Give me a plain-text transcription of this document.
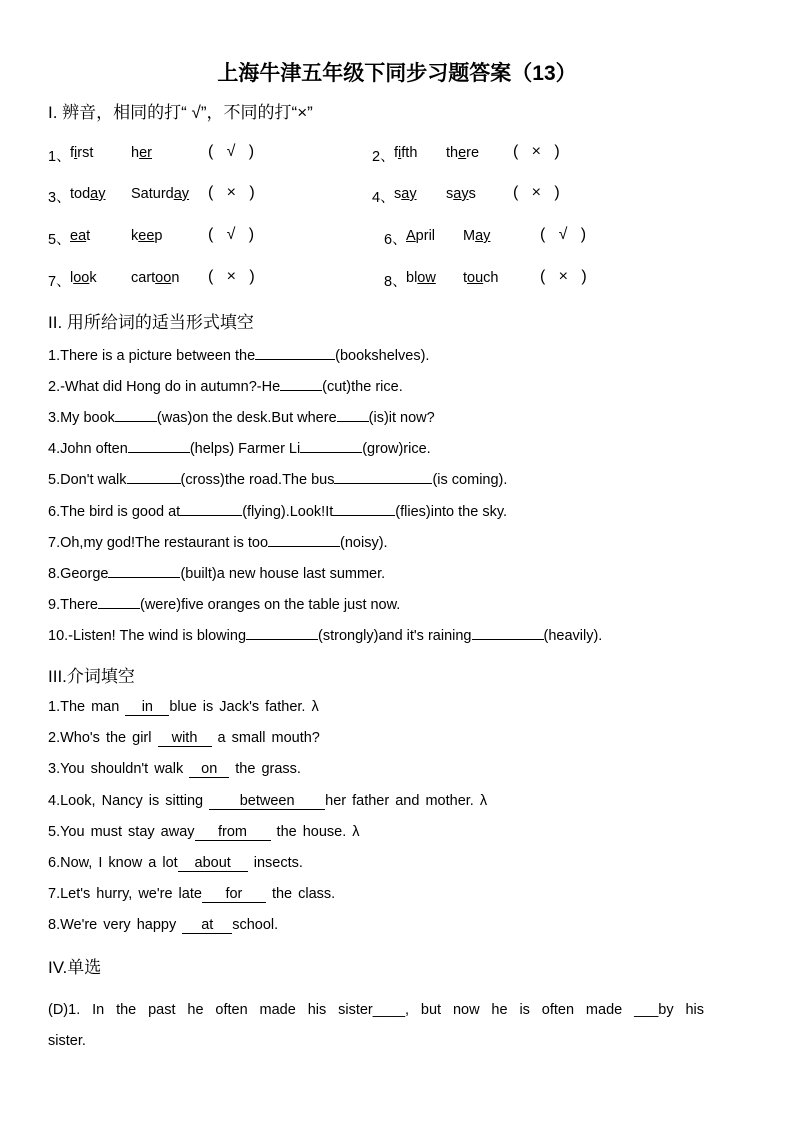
上海牛津五年级下同步习题答案（13）
I. 辨音，相同的打“ √”，不同的打“×”
1、 first	her	(   √   )	2、 fifth there (   ×   )
3、 today Saturday (   ×   )	4、 say says (   ×   )
5、 eat	keep	(   √   )	6、 April May	(   √   )
7、 look cartoon (   ×   )	8、 blow touch	(   ×   )
II. 用所给词的适当形式填空
1.There is a picture between the	(bookshelves).
2.-What did Hong do in autumn?-He	(cut)the rice.
3.My book	(was)on the desk.But where (is)it now?
4.John often	(helps) Farmer Li	(grow)rice.
5.Don't walk	(cross)the road.The bus	(is coming).
6.The bird is good at	(flying).Look!It	(flies)into the sky.
7.Oh,my god!The restaurant is too	(noisy).
8.George	(built)a new house last summer.
9.There	(were)five oranges on the table just now.
10.-Listen! The wind is blowing	(strongly)and it's raining	(heavily).
III.介词填空
1.The man in blue is Jack's father. λ
2.Who's the girl with a small mouth?
3.You shouldn't walk on the grass.
4.Look, Nancy is sitting between her father and mother. λ
5.You must stay away from the house. λ
6.Now, I know a lot about insects.
7.Let's hurry, we're late for the class.
8.We're very happy at school.
IV.单选
(D)1. In the past he often made his sister____, but now he is often made ___by his sister.
